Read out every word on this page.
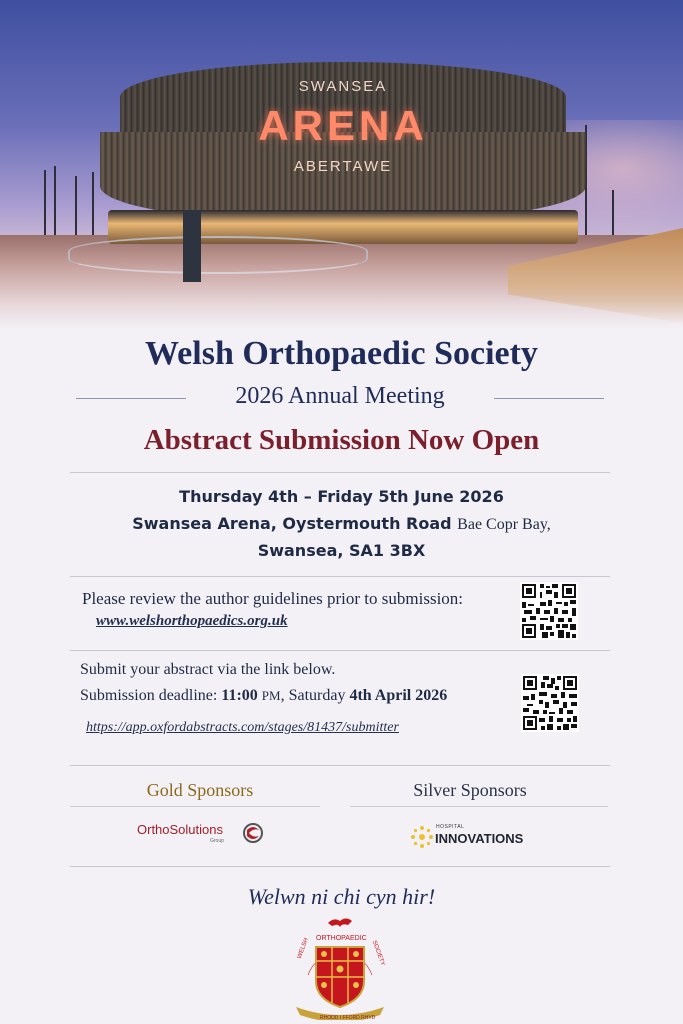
SWANSEA
ARENA
ABERTAWE
Welsh Orthopaedic Society
2026 Annual Meeting
Abstract Submission Now Open
Thursday 4th – Friday 5th June 2026
Swansea Arena, Oystermouth Road Bae Copr Bay,
Swansea, SA1 3BX
Please review the author guidelines prior to submission:
www.welshorthopaedics.org.uk
Submit your abstract via the link below.
Submission deadline: 11:00 PM, Saturday 4th April 2026
https://app.oxfordabstracts.com/stages/81437/submitter
Gold Sponsors	Silver Sponsors
OrthoSolutions
Group
HOSPITAL
INNOVATIONS
Welwn ni chi cyn hir!
ORTHOPAEDIC
WELSH	SOCIETY
RHODD I FFORD RHYD
